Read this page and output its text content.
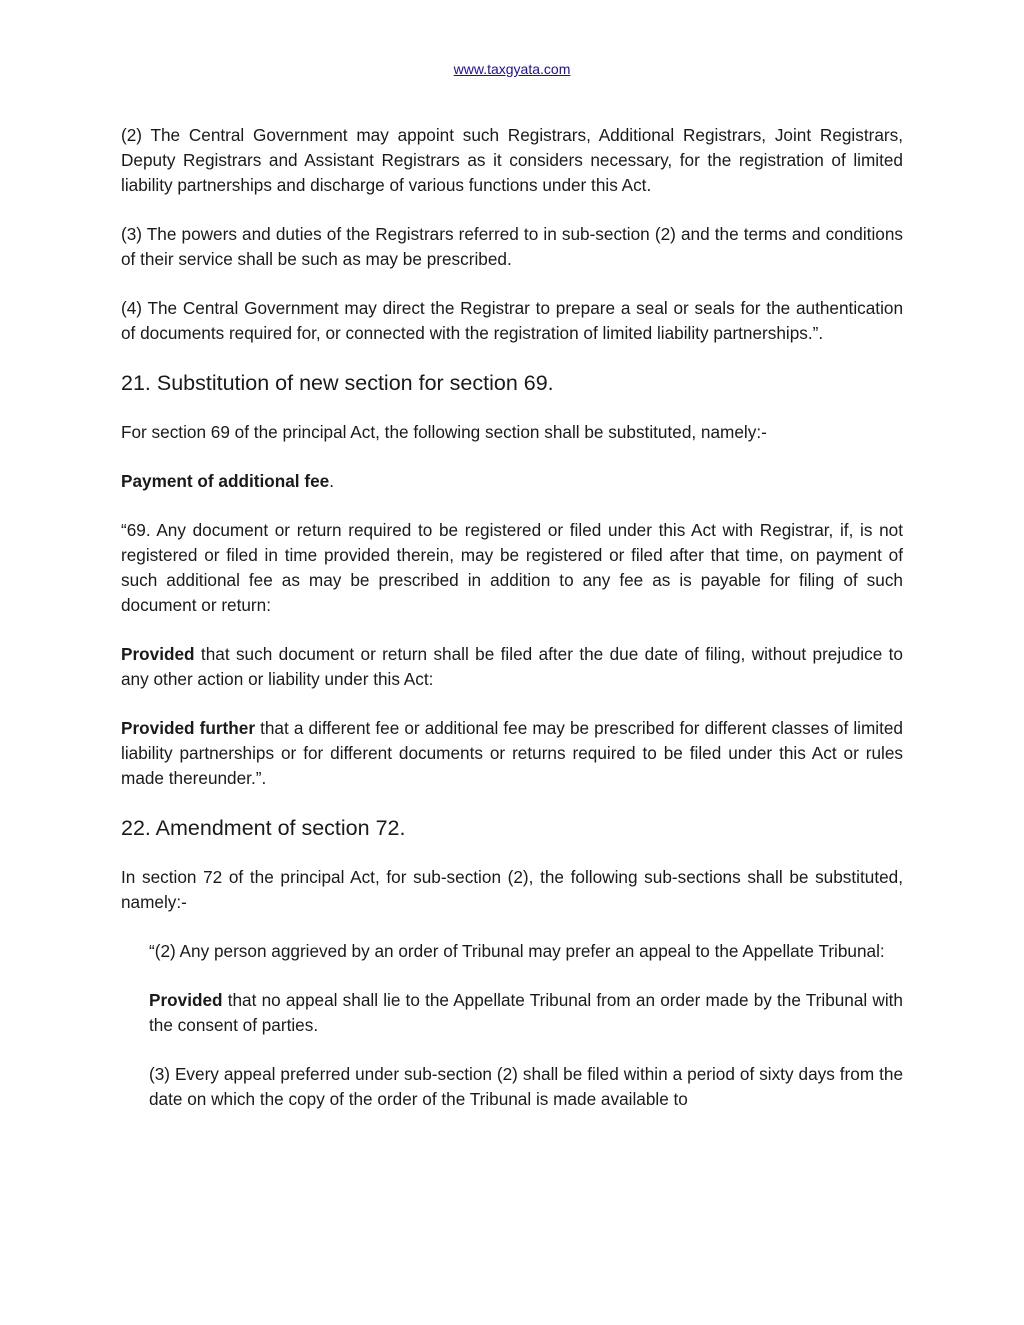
www.taxgyata.com

(2) The Central Government may appoint such Registrars, Additional Registrars, Joint Registrars, Deputy Registrars and Assistant Registrars as it considers necessary, for the registration of limited liability partnerships and discharge of various functions under this Act.

(3) The powers and duties of the Registrars referred to in sub-section (2) and the terms and conditions of their service shall be such as may be prescribed.

(4) The Central Government may direct the Registrar to prepare a seal or seals for the authentication of documents required for, or connected with the registration of limited liability partnerships.”.

21. Substitution of new section for section 69.

For section 69 of the principal Act, the following section shall be substituted, namely:-

Payment of additional fee.

“69. Any document or return required to be registered or filed under this Act with Registrar, if, is not registered or filed in time provided therein, may be registered or filed after that time, on payment of such additional fee as may be prescribed in addition to any fee as is payable for filing of such document or return:

Provided that such document or return shall be filed after the due date of filing, without prejudice to any other action or liability under this Act:

Provided further that a different fee or additional fee may be prescribed for different classes of limited liability partnerships or for different documents or returns required to be filed under this Act or rules made thereunder.”.

22. Amendment of section 72.

In section 72 of the principal Act, for sub-section (2), the following sub-sections shall be substituted, namely:-

“(2) Any person aggrieved by an order of Tribunal may prefer an appeal to the Appellate Tribunal:

Provided that no appeal shall lie to the Appellate Tribunal from an order made by the Tribunal with the consent of parties.

(3) Every appeal preferred under sub-section (2) shall be filed within a period of sixty days from the date on which the copy of the order of the Tribunal is made available to
